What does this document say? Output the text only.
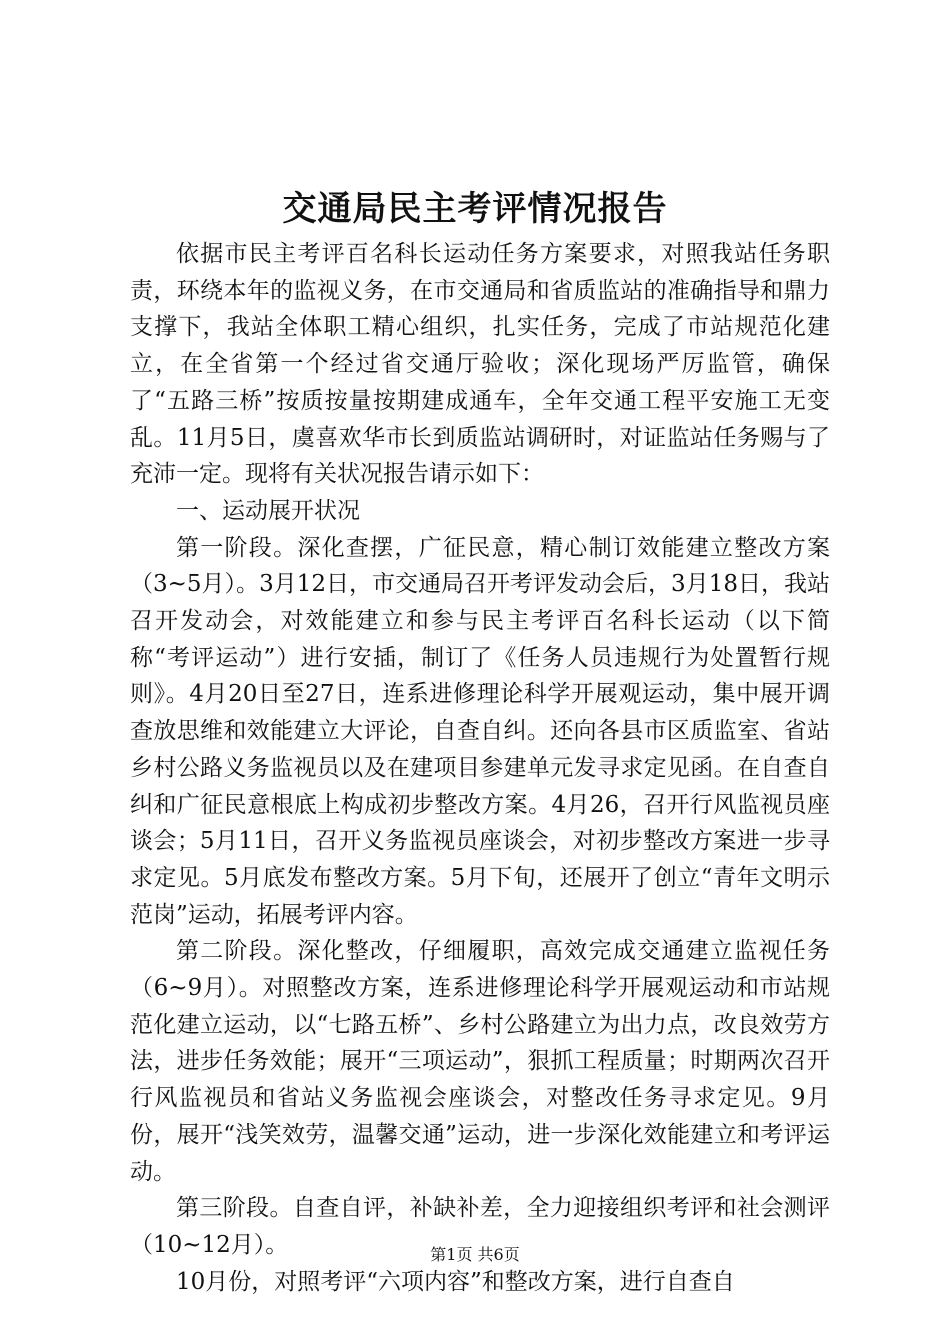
交通局民主考评情况报告

依据市民主考评百名科长运动任务方案要求，对照我站任务职责，环绕本年的监视义务，在市交通局和省质监站的准确指导和鼎力支撑下，我站全体职工精心组织，扎实任务，完成了市站规范化建立，在全省第一个经过省交通厅验收；深化现场严厉监管，确保了“五路三桥”按质按量按期建成通车，全年交通工程平安施工无变乱。11月5日，虞喜欢华市长到质监站调研时，对证监站任务赐与了充沛一定。现将有关状况报告请示如下：

一、运动展开状况

第一阶段。深化查摆，广征民意，精心制订效能建立整改方案（3~5月）。3月12日，市交通局召开考评发动会后，3月18日，我站召开发动会，对效能建立和参与民主考评百名科长运动（以下简称“考评运动”）进行安插，制订了《任务人员违规行为处置暂行规则》。4月20日至27日，连系进修理论科学开展观运动，集中展开调查放思维和效能建立大评论，自查自纠。还向各县市区质监室、省站乡村公路义务监视员以及在建项目参建单元发寻求定见函。在自查自纠和广征民意根底上构成初步整改方案。4月26，召开行风监视员座谈会；5月11日，召开义务监视员座谈会，对初步整改方案进一步寻求定见。5月底发布整改方案。5月下旬，还展开了创立“青年文明示范岗”运动，拓展考评内容。

第二阶段。深化整改，仔细履职，高效完成交通建立监视任务（6~9月）。对照整改方案，连系进修理论科学开展观运动和市站规范化建立运动，以“七路五桥”、乡村公路建立为出力点，改良效劳方法，进步任务效能；展开“三项运动”，狠抓工程质量；时期两次召开行风监视员和省站义务监视会座谈会，对整改任务寻求定见。9月份，展开“浅笑效劳，温馨交通”运动，进一步深化效能建立和考评运动。

第三阶段。自查自评，补缺补差，全力迎接组织考评和社会测评（10~12月）。

10月份，对照考评“六项内容”和整改方案，进行自查自

第1页 共6页
